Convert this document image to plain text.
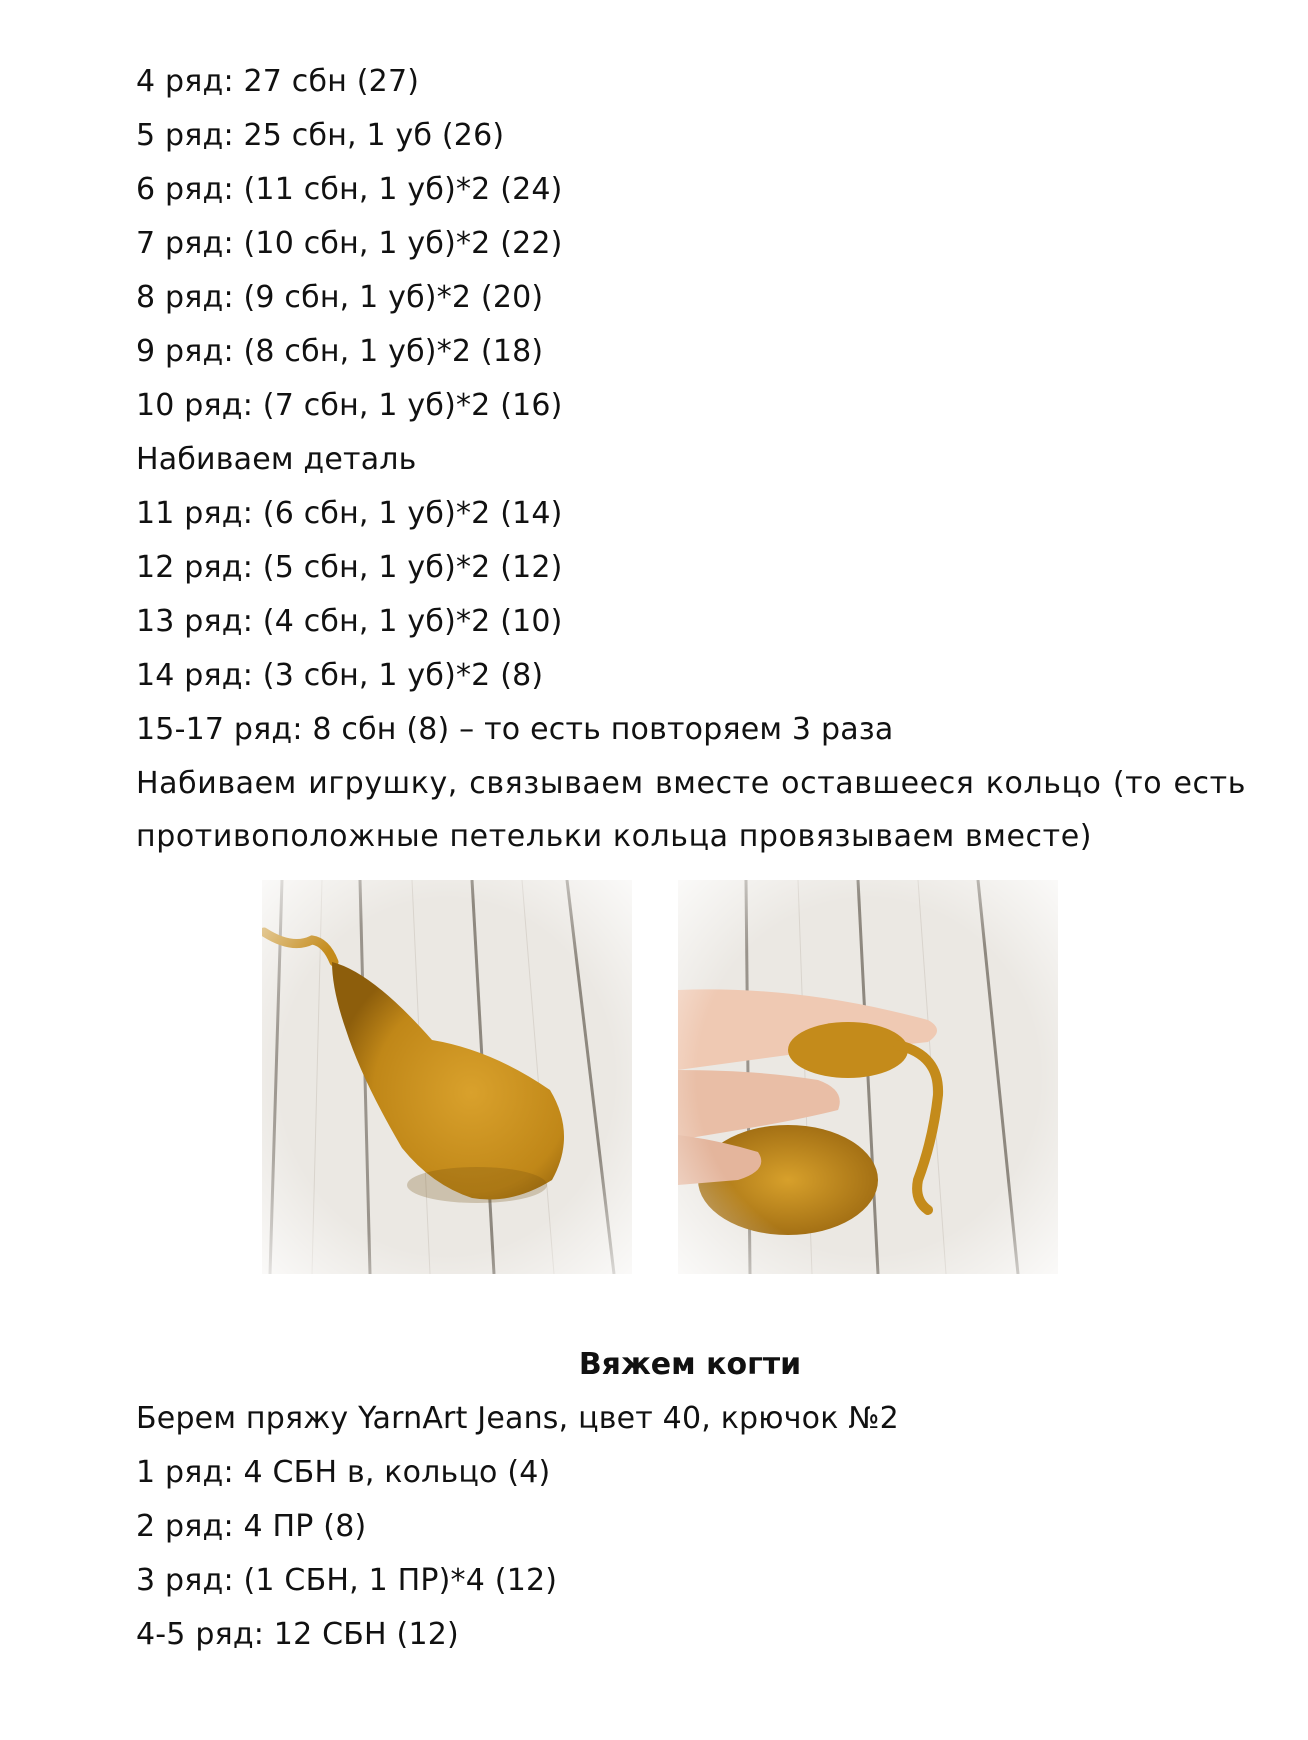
4 ряд: 27 сбн (27)
5 ряд: 25 сбн, 1 уб (26)
6 ряд: (11 сбн, 1 уб)*2 (24)
7 ряд: (10 сбн, 1 уб)*2 (22)
8 ряд: (9 сбн, 1 уб)*2 (20)
9 ряд: (8 сбн, 1 уб)*2 (18)
10 ряд: (7 сбн, 1 уб)*2 (16)
Набиваем деталь
11 ряд: (6 сбн, 1 уб)*2 (14)
12 ряд: (5 сбн, 1 уб)*2 (12)
13 ряд: (4 сбн, 1 уб)*2 (10)
14 ряд: (3 сбн, 1 уб)*2 (8)
15-17 ряд: 8 сбн (8) – то есть повторяем 3 раза
Набиваем игрушку, связываем вместе оставшееся кольцо (то есть противоположные петельки кольца провязываем вместе)
Вяжем когти
Берем пряжу YarnArt Jeans, цвет 40, крючок №2
1 ряд: 4 СБН в, кольцо (4)
2 ряд: 4 ПР (8)
3 ряд: (1 СБН, 1 ПР)*4 (12)
4-5 ряд: 12 СБН (12)
